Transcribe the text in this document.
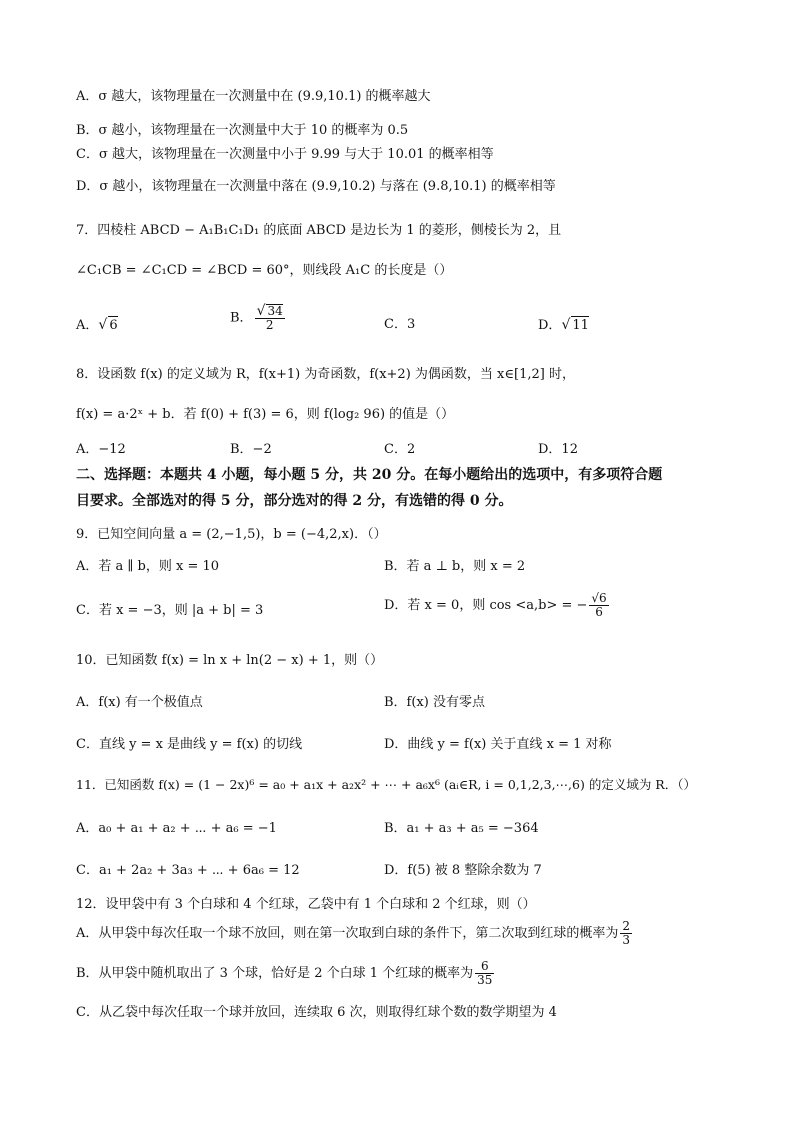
A．σ 越大，该物理量在一次测量中在 (9.9,10.1) 的概率越大
B．σ 越小，该物理量在一次测量中大于 10 的概率为 0.5
C．σ 越大，该物理量在一次测量中小于 9.99 与大于 10.01 的概率相等
D．σ 越小，该物理量在一次测量中落在 (9.9,10.2) 与落在 (9.8,10.1) 的概率相等
7．四棱柱 ABCD − A₁B₁C₁D₁ 的底面 ABCD 是边长为 1 的菱形，侧棱长为 2，且
∠C₁CB = ∠C₁CD = ∠BCD = 60°，则线段 A₁C 的长度是（）
A．√ 6	B． $\frac{√ 34}{2}$	C．3	D．√ 11
8．设函数 f(x) 的定义域为 R，f(x+1) 为奇函数，f(x+2) 为偶函数，当 x∈[1,2] 时，
f(x) = a·2ˣ + b．若 f(0) + f(3) = 6，则 f(log₂ 96) 的值是（）
A．−12	B．−2	C．2	D．12
二、选择题：本题共 4 小题，每小题 5 分，共 20 分。在每小题给出的选项中，有多项符合题
目要求。全部选对的得 5 分，部分选对的得 2 分，有选错的得 0 分。
9．已知空间向量 a = (2,−1,5)，b = (−4,2,x)．（）
A．若 a ∥ b，则 x = 10	B．若 a ⊥ b，则 x = 2
C．若 x = −3，则 |a + b| = 3	D．若 x = 0，则 cos <a,b> = − $\frac{√6}{6}$
10．已知函数 f(x) = ln x + ln(2 − x) + 1，则（）
A．f(x) 有一个极值点	B．f(x) 没有零点
C．直线 y = x 是曲线 y = f(x) 的切线	D．曲线 y = f(x) 关于直线 x = 1 对称
11．已知函数 f(x) = (1 − 2x)⁶ = a₀ + a₁x + a₂x² + ⋯ + a₆x⁶ (aᵢ∈R, i = 0,1,2,3,⋯,6) 的定义域为 R．（）
A．a₀ + a₁ + a₂ + ⋯ + a₆ = −1	B．a₁ + a₃ + a₅ = −364
C．a₁ + 2a₂ + 3a₃ + ⋯ + 6a₆ = 12	D．f(5) 被 8 整除余数为 7
12．设甲袋中有 3 个白球和 4 个红球，乙袋中有 1 个白球和 2 个红球，则（）
A．从甲袋中每次任取一个球不放回，则在第一次取到白球的条件下，第二次取到红球的概率为 $\frac{2}{3}$
B．从甲袋中随机取出了 3 个球，恰好是 2 个白球 1 个红球的概率为 $\frac{6}{35}$
C．从乙袋中每次任取一个球并放回，连续取 6 次，则取得红球个数的数学期望为 4
